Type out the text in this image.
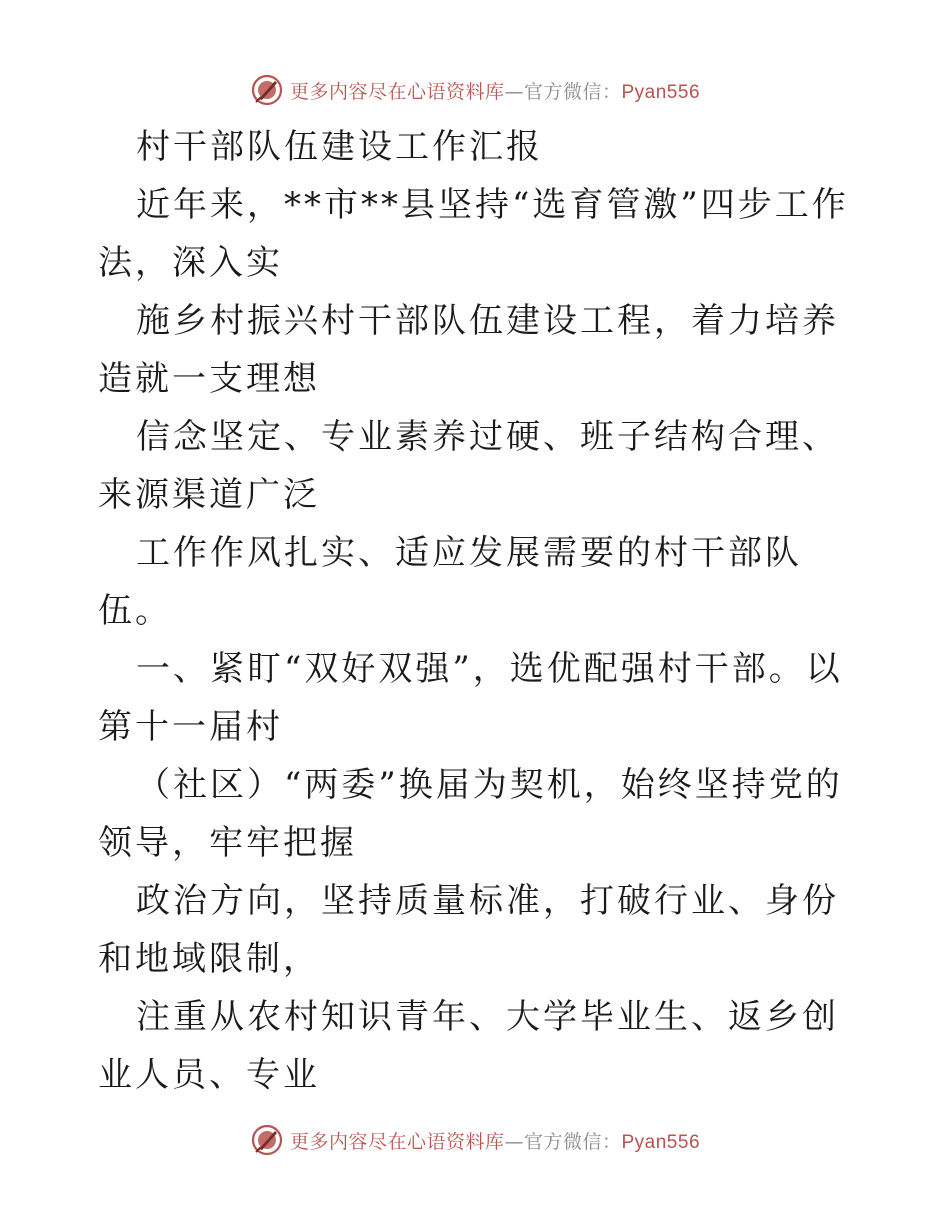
更多内容尽在心语资料库—官方微信：Pyan556

村干部队伍建设工作汇报

近年来，**市**县坚持“选育管激”四步工作法，深入实

施乡村振兴村干部队伍建设工程，着力培养造就一支理想

信念坚定、专业素养过硬、班子结构合理、来源渠道广泛

工作作风扎实、适应发展需要的村干部队伍。

一、紧盯“双好双强”，选优配强村干部。以第十一届村

（社区）“两委”换届为契机，始终坚持党的领导，牢牢把握

政治方向，坚持质量标准，打破行业、身份和地域限制，

注重从农村知识青年、大学毕业生、返乡创业人员、专业

更多内容尽在心语资料库—官方微信：Pyan556
